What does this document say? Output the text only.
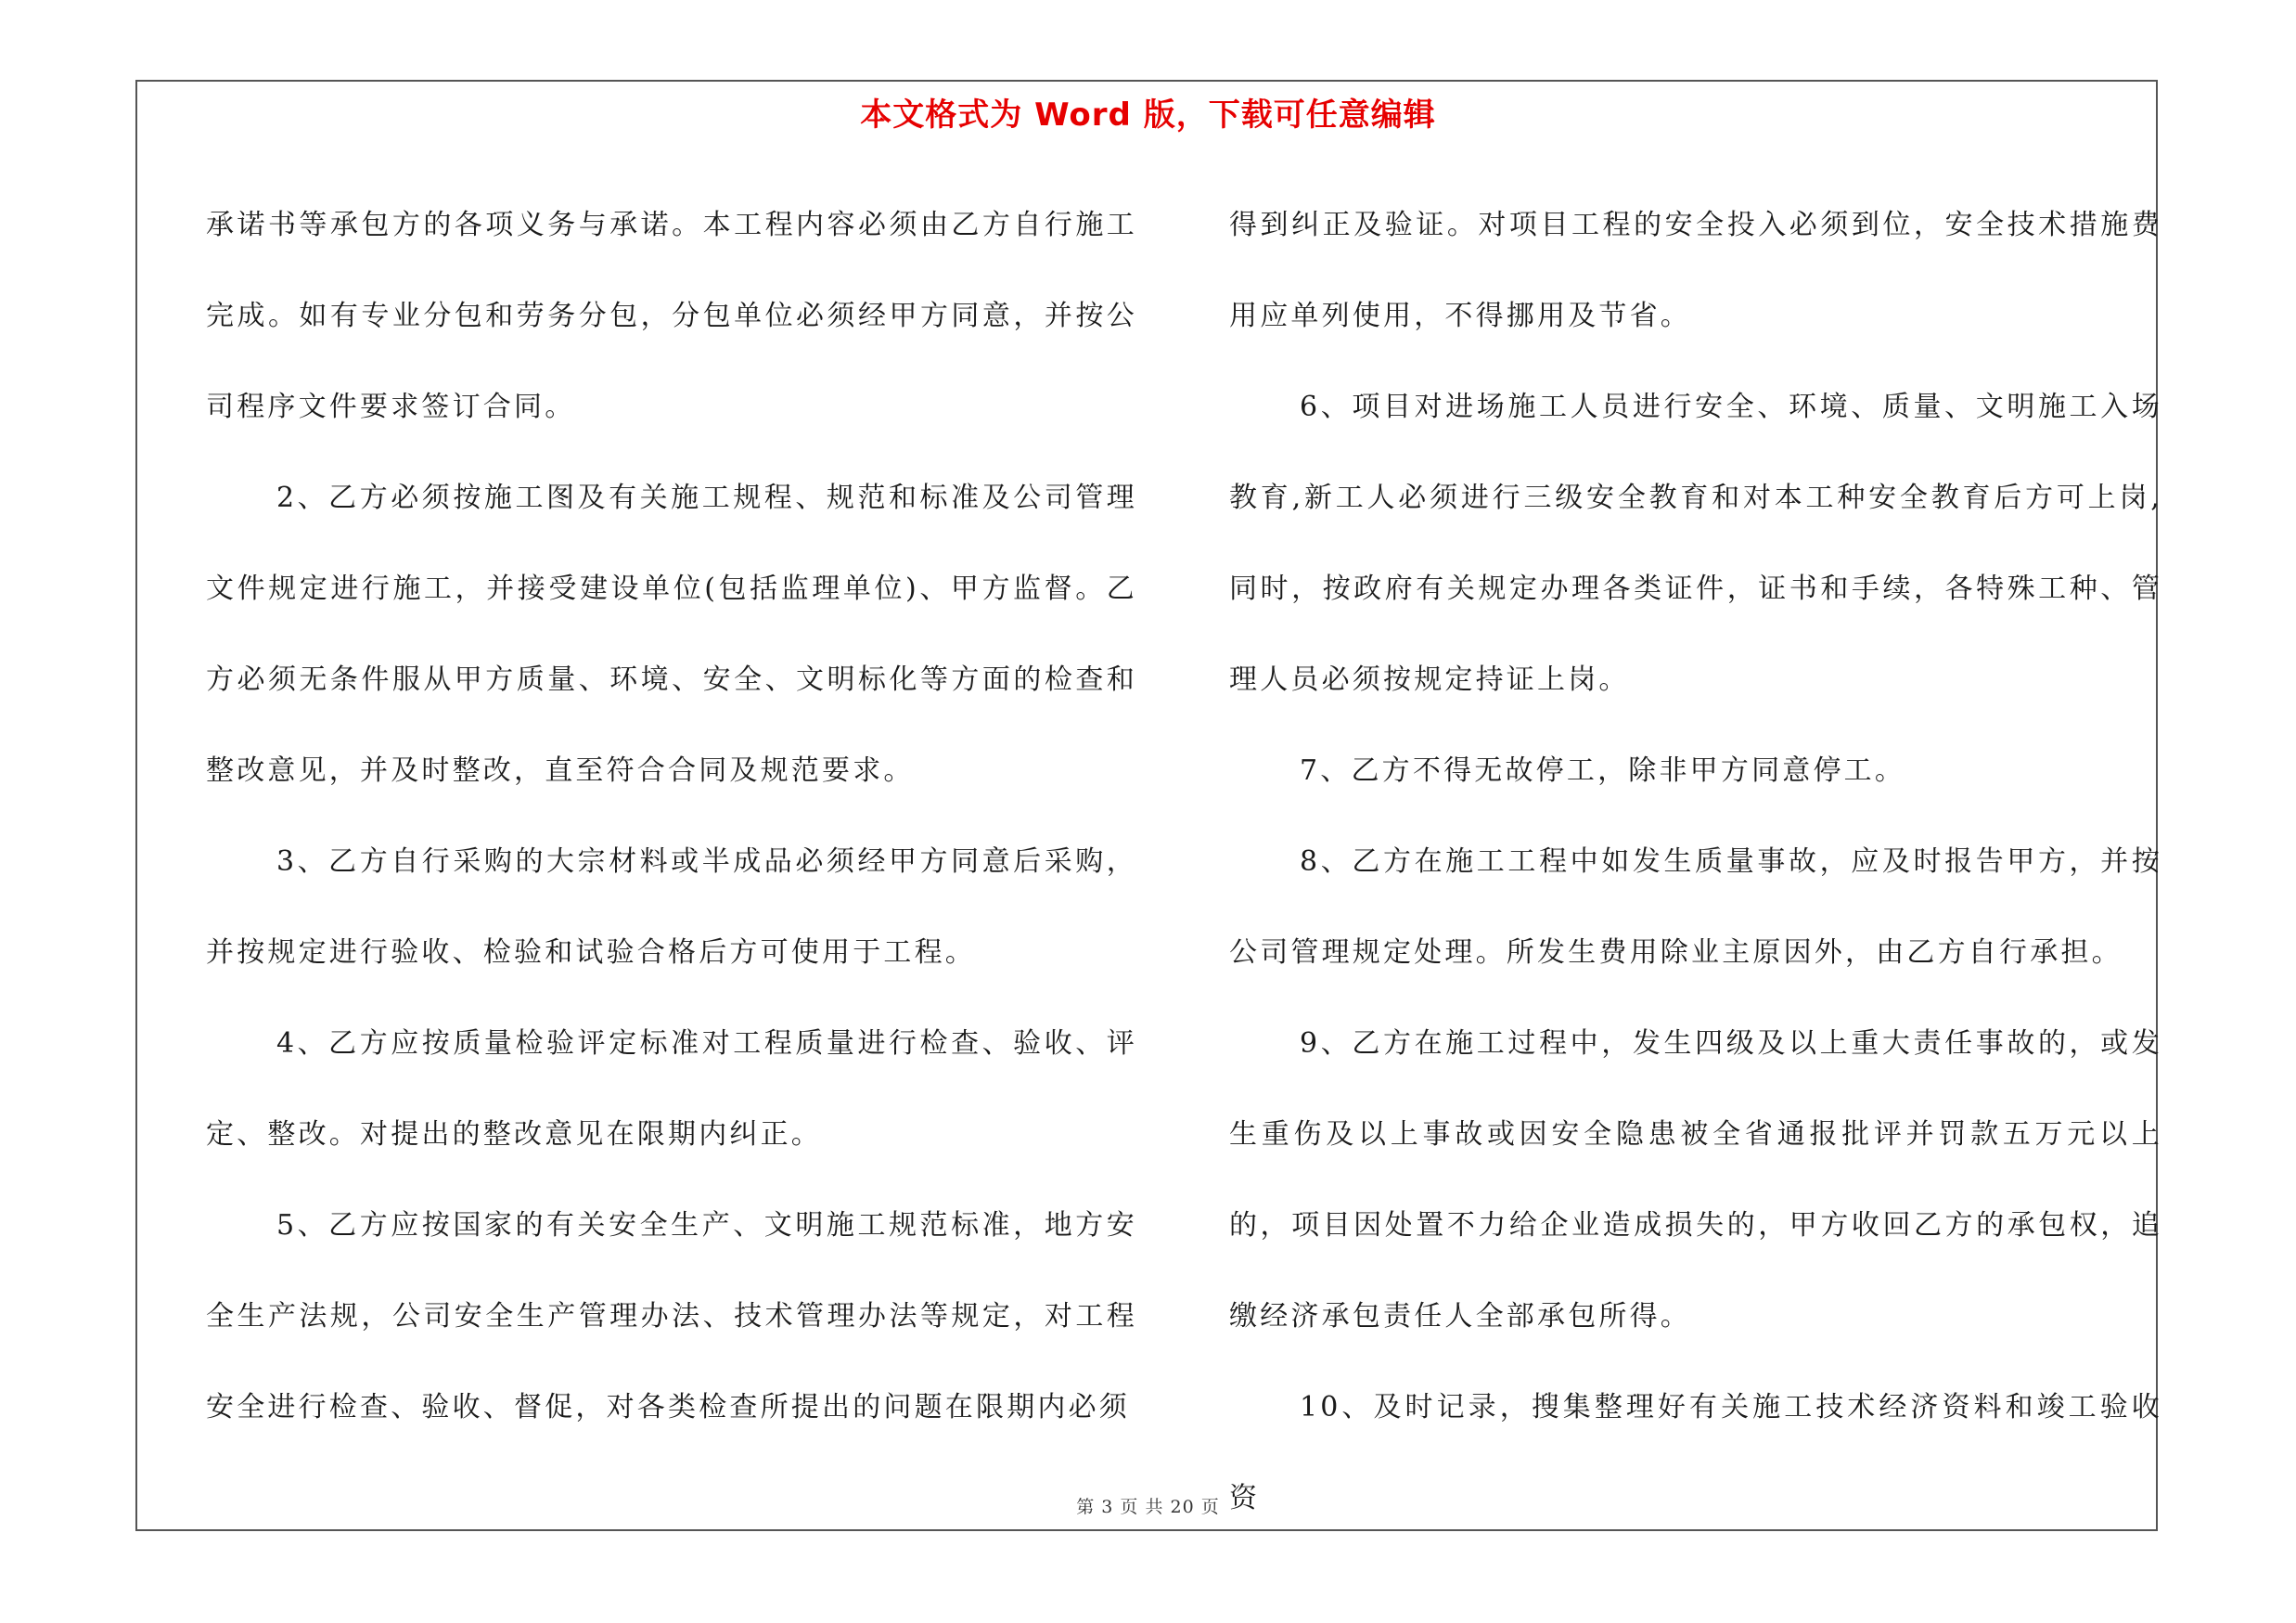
本文格式为 Word 版，下载可任意编辑

承诺书等承包方的各项义务与承诺。本工程内容必须由乙方自行施工完成。如有专业分包和劳务分包，分包单位必须经甲方同意，并按公司程序文件要求签订合同。

2、乙方必须按施工图及有关施工规程、规范和标准及公司管理文件规定进行施工，并接受建设单位(包括监理单位)、甲方监督。乙方必须无条件服从甲方质量、环境、安全、文明标化等方面的检查和整改意见，并及时整改，直至符合合同及规范要求。

3、乙方自行采购的大宗材料或半成品必须经甲方同意后采购，并按规定进行验收、检验和试验合格后方可使用于工程。

4、乙方应按质量检验评定标准对工程质量进行检查、验收、评定、整改。对提出的整改意见在限期内纠正。

5、乙方应按国家的有关安全生产、文明施工规范标准，地方安全生产法规，公司安全生产管理办法、技术管理办法等规定，对工程安全进行检查、验收、督促，对各类检查所提出的问题在限期内必须

得到纠正及验证。对项目工程的安全投入必须到位，安全技术措施费用应单列使用，不得挪用及节省。

6、项目对进场施工人员进行安全、环境、质量、文明施工入场教育,新工人必须进行三级安全教育和对本工种安全教育后方可上岗,同时，按政府有关规定办理各类证件，证书和手续，各特殊工种、管理人员必须按规定持证上岗。

7、乙方不得无故停工，除非甲方同意停工。

8、乙方在施工工程中如发生质量事故，应及时报告甲方，并按公司管理规定处理。所发生费用除业主原因外，由乙方自行承担。

9、乙方在施工过程中，发生四级及以上重大责任事故的，或发生重伤及以上事故或因安全隐患被全省通报批评并罚款五万元以上的，项目因处置不力给企业造成损失的，甲方收回乙方的承包权，追缴经济承包责任人全部承包所得。

10、及时记录，搜集整理好有关施工技术经济资料和竣工验收资

第 3 页 共 20 页
